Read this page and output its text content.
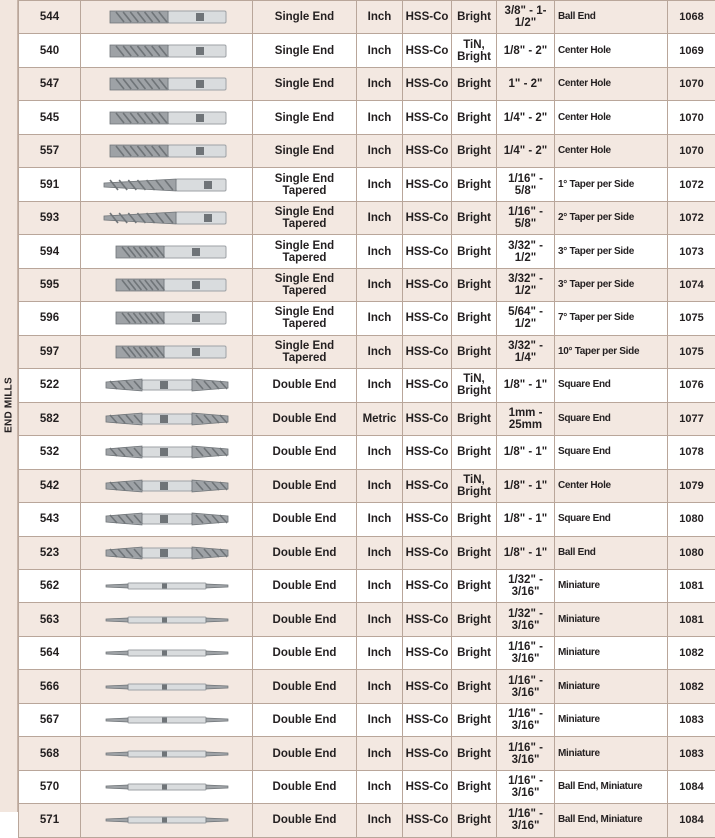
END MILLS
544		Single End	Inch	HSS-Co	Bright	3/8" - 1-1/2"	Ball End	1068
540		Single End	Inch	HSS-Co	TiN, Bright	1/8" - 2"	Center Hole	1069
547		Single End	Inch	HSS-Co	Bright	1" - 2"	Center Hole	1070
545		Single End	Inch	HSS-Co	Bright	1/4" - 2"	Center Hole	1070
557		Single End	Inch	HSS-Co	Bright	1/4" - 2"	Center Hole	1070
591		Single End Tapered	Inch	HSS-Co	Bright	1/16" - 5/8"	1° Taper per Side	1072
593		Single End Tapered	Inch	HSS-Co	Bright	1/16" - 5/8"	2° Taper per Side	1072
594		Single End Tapered	Inch	HSS-Co	Bright	3/32" - 1/2"	3° Taper per Side	1073
595		Single End Tapered	Inch	HSS-Co	Bright	3/32" - 1/2"	3° Taper per Side	1074
596		Single End Tapered	Inch	HSS-Co	Bright	5/64" - 1/2"	7° Taper per Side	1075
597		Single End Tapered	Inch	HSS-Co	Bright	3/32" - 1/4"	10° Taper per Side	1075
522		Double End	Inch	HSS-Co	TiN, Bright	1/8" - 1"	Square End	1076
582		Double End	Metric	HSS-Co	Bright	1mm - 25mm	Square End	1077
532		Double End	Inch	HSS-Co	Bright	1/8" - 1"	Square End	1078
542		Double End	Inch	HSS-Co	TiN, Bright	1/8" - 1"	Center Hole	1079
543		Double End	Inch	HSS-Co	Bright	1/8" - 1"	Square End	1080
523		Double End	Inch	HSS-Co	Bright	1/8" - 1"	Ball End	1080
562		Double End	Inch	HSS-Co	Bright	1/32" - 3/16"	Miniature	1081
563		Double End	Inch	HSS-Co	Bright	1/32" - 3/16"	Miniature	1081
564		Double End	Inch	HSS-Co	Bright	1/16" - 3/16"	Miniature	1082
566		Double End	Inch	HSS-Co	Bright	1/16" - 3/16"	Miniature	1082
567		Double End	Inch	HSS-Co	Bright	1/16" - 3/16"	Miniature	1083
568		Double End	Inch	HSS-Co	Bright	1/16" - 3/16"	Miniature	1083
570		Double End	Inch	HSS-Co	Bright	1/16" - 3/16"	Ball End, Miniature	1084
571		Double End	Inch	HSS-Co	Bright	1/16" - 3/16"	Ball End, Miniature	1084
